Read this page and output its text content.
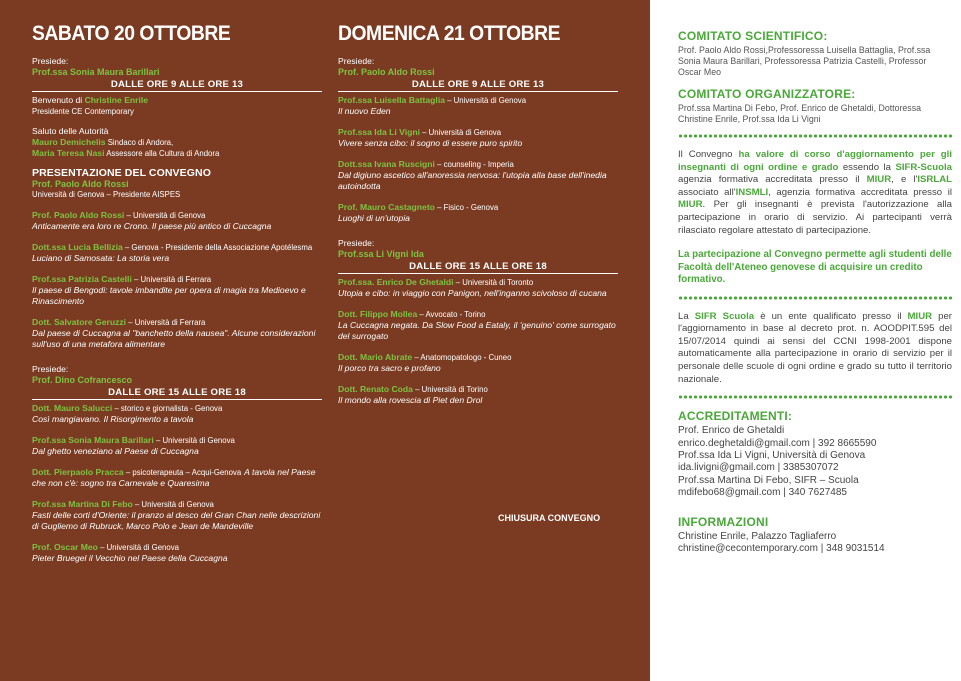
SABATO 20 OTTOBRE
Presiede:
Prof.ssa Sonia Maura Barillari
DALLE ORE 9 ALLE ORE 13
Benvenuto di Christine Enrile
Presidente CE Contemporary
Saluto delle Autorità
Mauro Demichelis Sindaco di Andora,
Maria Teresa Nasi Assessore alla Cultura di Andora
PRESENTAZIONE DEL CONVEGNO
Prof. Paolo Aldo Rossi
Università di Genova – Presidente AISPES
Prof. Paolo Aldo Rossi – Università di Genova
Anticamente era loro re Crono. Il paese più antico di Cuccagna
Dott.ssa Lucia Bellizia – Genova - Presidente della Associazione Apotélesma
Luciano di Samosata: La storia vera
Prof.ssa Patrizia Castelli – Università di Ferrara
Il paese di Bengodi: tavole imbandite per opera di magia tra Medioevo e Rinascimento
Dott. Salvatore Geruzzi – Università di Ferrara
Dal paese di Cuccagna al "banchetto della nausea". Alcune considerazioni sull'uso di una metafora alimentare
Presiede:
Prof. Dino Cofrancesco
DALLE ORE 15 ALLE ORE 18
Dott. Mauro Salucci – storico e giornalista - Genova
Così mangiavano. Il Risorgimento a tavola
Prof.ssa Sonia Maura Barillari – Università di Genova
Dal ghetto veneziano al Paese di Cuccagna
Dott. Pierpaolo Pracca – psicoterapeuta – Acqui-Genova A tavola nel Paese che non c'è: sogno tra Carnevale e Quaresima
Prof.ssa Martina Di Febo – Università di Genova
Fasti delle corti d'Oriente: il pranzo al desco del Gran Chan nelle descrizioni di Gugliemo di Rubruck, Marco Polo e Jean de Mandeville
Prof. Oscar Meo – Università di Genova
Pieter Bruegel il Vecchio nel Paese della Cuccagna
DOMENICA 21 OTTOBRE
Presiede:
Prof. Paolo Aldo Rossi
DALLE ORE 9 ALLE ORE 13
Prof.ssa Luisella Battaglia – Università di Genova
Il nuovo Eden
Prof.ssa Ida Li Vigni – Università di Genova
Vivere senza cibo: il sogno di essere puro spirito
Dott.ssa Ivana Ruscigni – counseling - Imperia
Dal digiuno ascetico all'anoressia nervosa: l'utopia alla base dell'inedia autoindotta
Prof. Mauro Castagneto – Fisico - Genova
Luoghi di un'utopia
Presiede:
Prof.ssa Li Vigni Ida
DALLE ORE 15 ALLE ORE 18
Prof.ssa. Enrico De Ghetaldi – Università di Toronto
Utopia e cibo: in viaggio con Panigon, nell'inganno scivoloso di cucana
Dott. Filippo Mollea – Avvocato - Torino
La Cuccagna negata. Da Slow Food a Eataly, il 'genuino' come surrogato del surrogato
Dott. Mario Abrate – Anatomopatologo - Cuneo
Il porco tra sacro e profano
Dott. Renato Coda – Università di Torino
Il mondo alla rovescia di Piet den Drol
CHIUSURA CONVEGNO
COMITATO SCIENTIFICO:
Prof. Paolo Aldo Rossi,Professoressa Luisella Battaglia, Prof.ssa Sonia Maura Barillari, Professoressa Patrizia Castelli, Professor Oscar Meo
COMITATO ORGANIZZATORE:
Prof.ssa Martina Di Febo, Prof. Enrico de Ghetaldi, Dottoressa Christine Enrile, Prof.ssa Ida Li Vigni
Il Convegno ha valore di corso d'aggiornamento per gli insegnanti di ogni ordine e grado essendo la SIFR-Scuola agenzia formativa accreditata presso il MIUR, e l'ISRLAL associato all'INSMLI, agenzia formativa accreditata presso il MIUR. Per gli insegnanti è prevista l'autorizzazione alla partecipazione in orario di servizio. Ai partecipanti verrà rilasciato regolare attestato di partecipazione.
La partecipazione al Convegno permette agli studenti delle Facoltà dell'Ateneo genovese di acquisire un credito formativo.
La SIFR Scuola è un ente qualificato presso il MIUR per l'aggiornamento in base al decreto prot. n. AOODPIT.595 del 15/07/2014 quindi ai sensi del CCNI 1998-2001 dispone automaticamente alla partecipazione in orario di servizio per il personale delle scuole di ogni ordine e grado su tutto il territorio nazionale.
ACCREDITAMENTI:
Prof. Enrico de Ghetaldi
enrico.deghetaldi@gmail.com | 392 8665590
Prof.ssa Ida Li Vigni, Università di Genova
ida.livigni@gmail.com | 3385307072
Prof.ssa Martina Di Febo, SIFR – Scuola
mdifebo68@gmail.com | 340 7627485
INFORMAZIONI
Christine Enrile, Palazzo Tagliaferro
christine@cecontemporary.com | 348 9031514
